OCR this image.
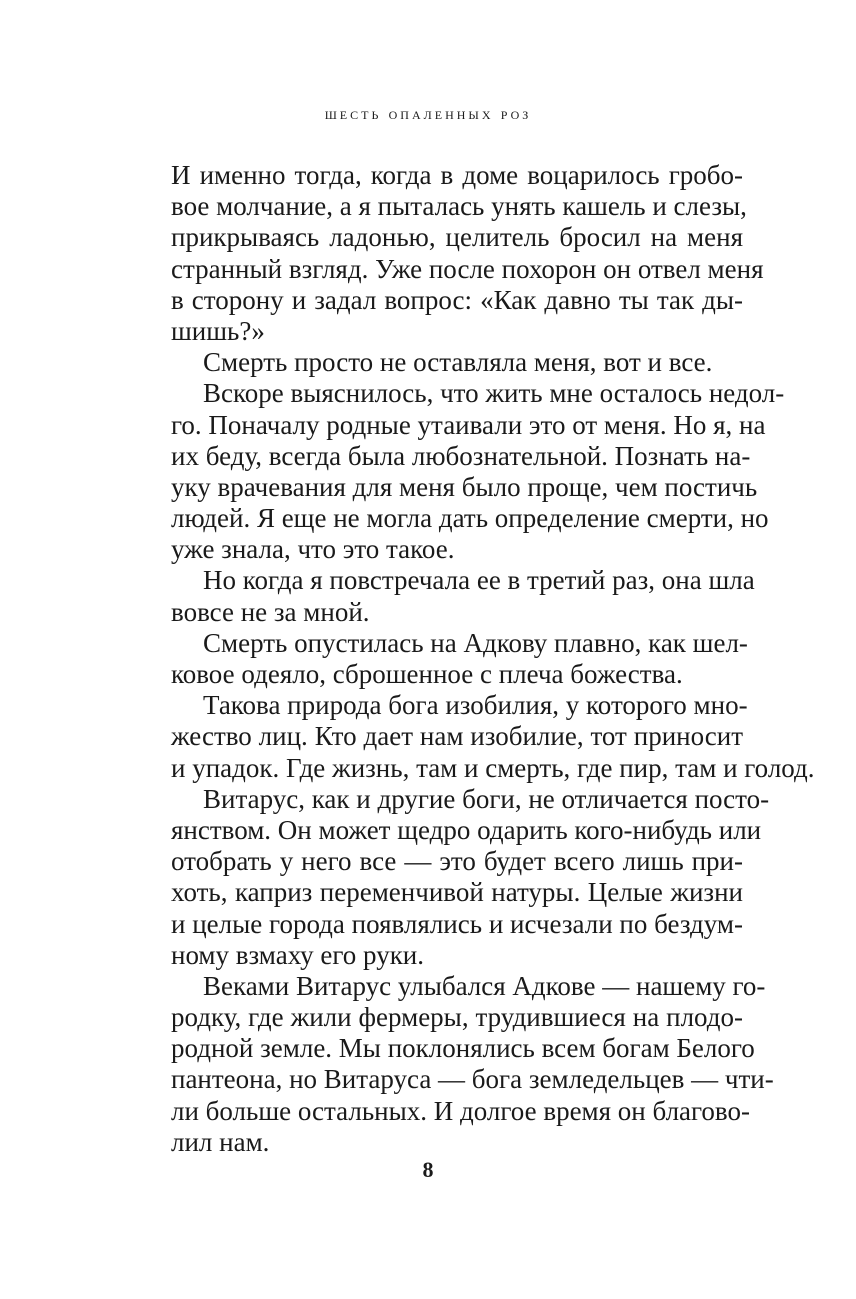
шесть опаленных роз
И именно тогда, когда в доме воцарилось гробо-
вое молчание, а я пыталась унять кашель и слезы,
прикрываясь ладонью, целитель бросил на меня
странный взгляд. Уже после похорон он отвел меня
в сторону и задал вопрос: «Как давно ты так ды-
шишь?»
Смерть просто не оставляла меня, вот и все.
Вскоре выяснилось, что жить мне осталось недол-
го. Поначалу родные утаивали это от меня. Но я, на
их беду, всегда была любознательной. Познать на-
уку врачевания для меня было проще, чем постичь
людей. Я еще не могла дать определение смерти, но
уже знала, что это такое.
Но когда я повстречала ее в третий раз, она шла
вовсе не за мной.
Смерть опустилась на Адкову плавно, как шел-
ковое одеяло, сброшенное с плеча божества.
Такова природа бога изобилия, у которого мно-
жество лиц. Кто дает нам изобилие, тот приносит
и упадок. Где жизнь, там и смерть, где пир, там и голод.
Витарус, как и другие боги, не отличается посто-
янством. Он может щедро одарить кого-нибудь или
отобрать у него все — это будет всего лишь при-
хоть, каприз переменчивой натуры. Целые жизни
и целые города появлялись и исчезали по бездум-
ному взмаху его руки.
Веками Витарус улыбался Адкове — нашему го-
родку, где жили фермеры, трудившиеся на плодо-
родной земле. Мы поклонялись всем богам Белого
пантеона, но Витаруса — бога земледельцев — чти-
ли больше остальных. И долгое время он благово-
лил нам.
8
